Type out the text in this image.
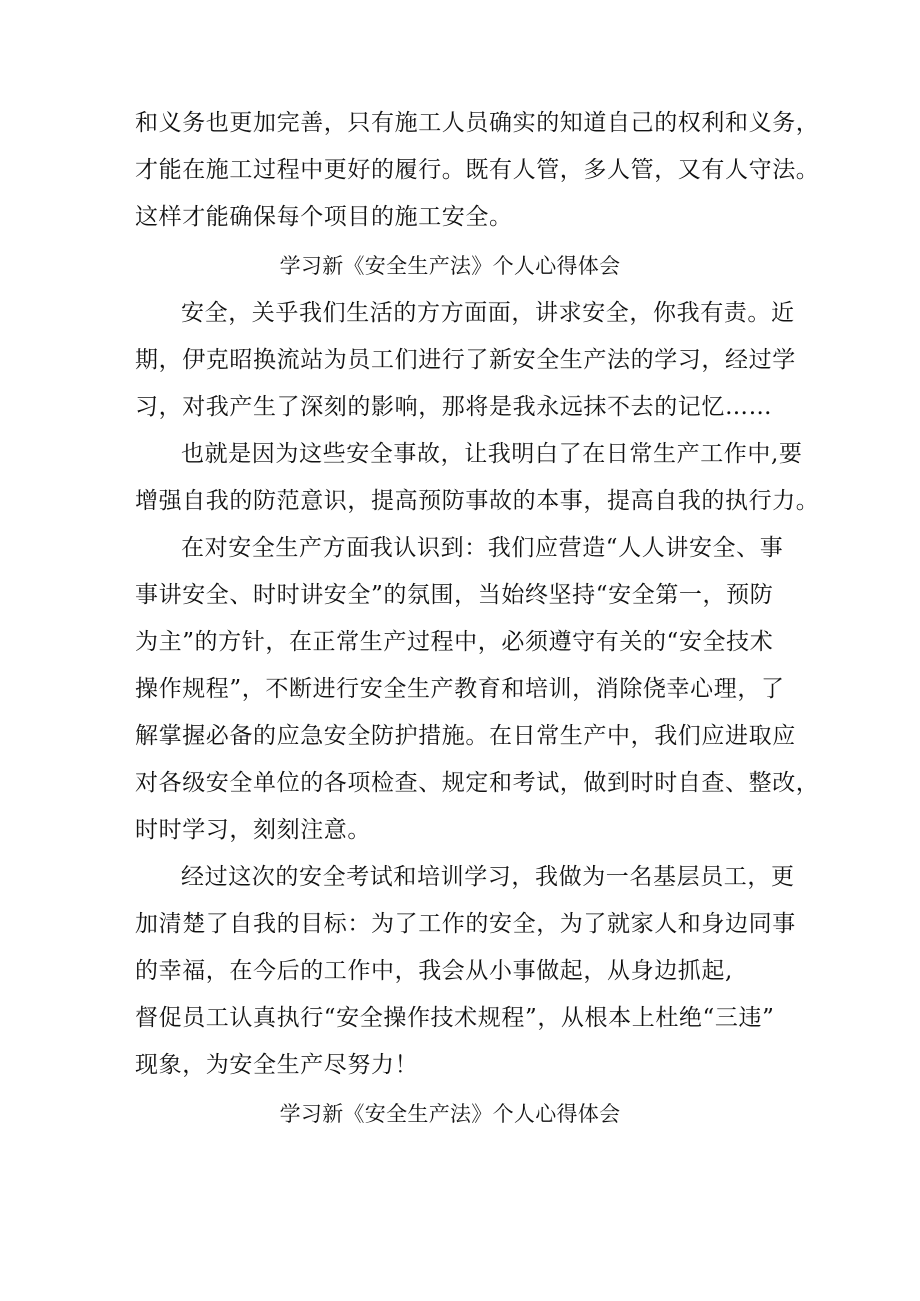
和义务也更加完善，只有施工人员确实的知道自己的权利和义务，
才能在施工过程中更好的履行。既有人管，多人管，又有人守法。
这样才能确保每个项目的施工安全。
学习新《安全生产法》个人心得体会
安全，关乎我们生活的方方面面，讲求安全，你我有责。近
期，伊克昭换流站为员工们进行了新安全生产法的学习，经过学
习，对我产生了深刻的影响，那将是我永远抹不去的记忆……
也就是因为这些安全事故，让我明白了在日常生产工作中,要
增强自我的防范意识，提高预防事故的本事，提高自我的执行力。
在对安全生产方面我认识到：我们应营造“人人讲安全、事
事讲安全、时时讲安全”的氛围，当始终坚持“安全第一，预防
为主”的方针，在正常生产过程中，必须遵守有关的“安全技术
操作规程”，不断进行安全生产教育和培训，消除侥幸心理，了
解掌握必备的应急安全防护措施。在日常生产中，我们应进取应
对各级安全单位的各项检查、规定和考试，做到时时自查、整改，
时时学习，刻刻注意。
经过这次的安全考试和培训学习，我做为一名基层员工，更
加清楚了自我的目标：为了工作的安全，为了就家人和身边同事
的幸福，在今后的工作中，我会从小事做起，从身边抓起,
督促员工认真执行“安全操作技术规程”，从根本上杜绝“三违”
现象，为安全生产尽努力！
学习新《安全生产法》个人心得体会
